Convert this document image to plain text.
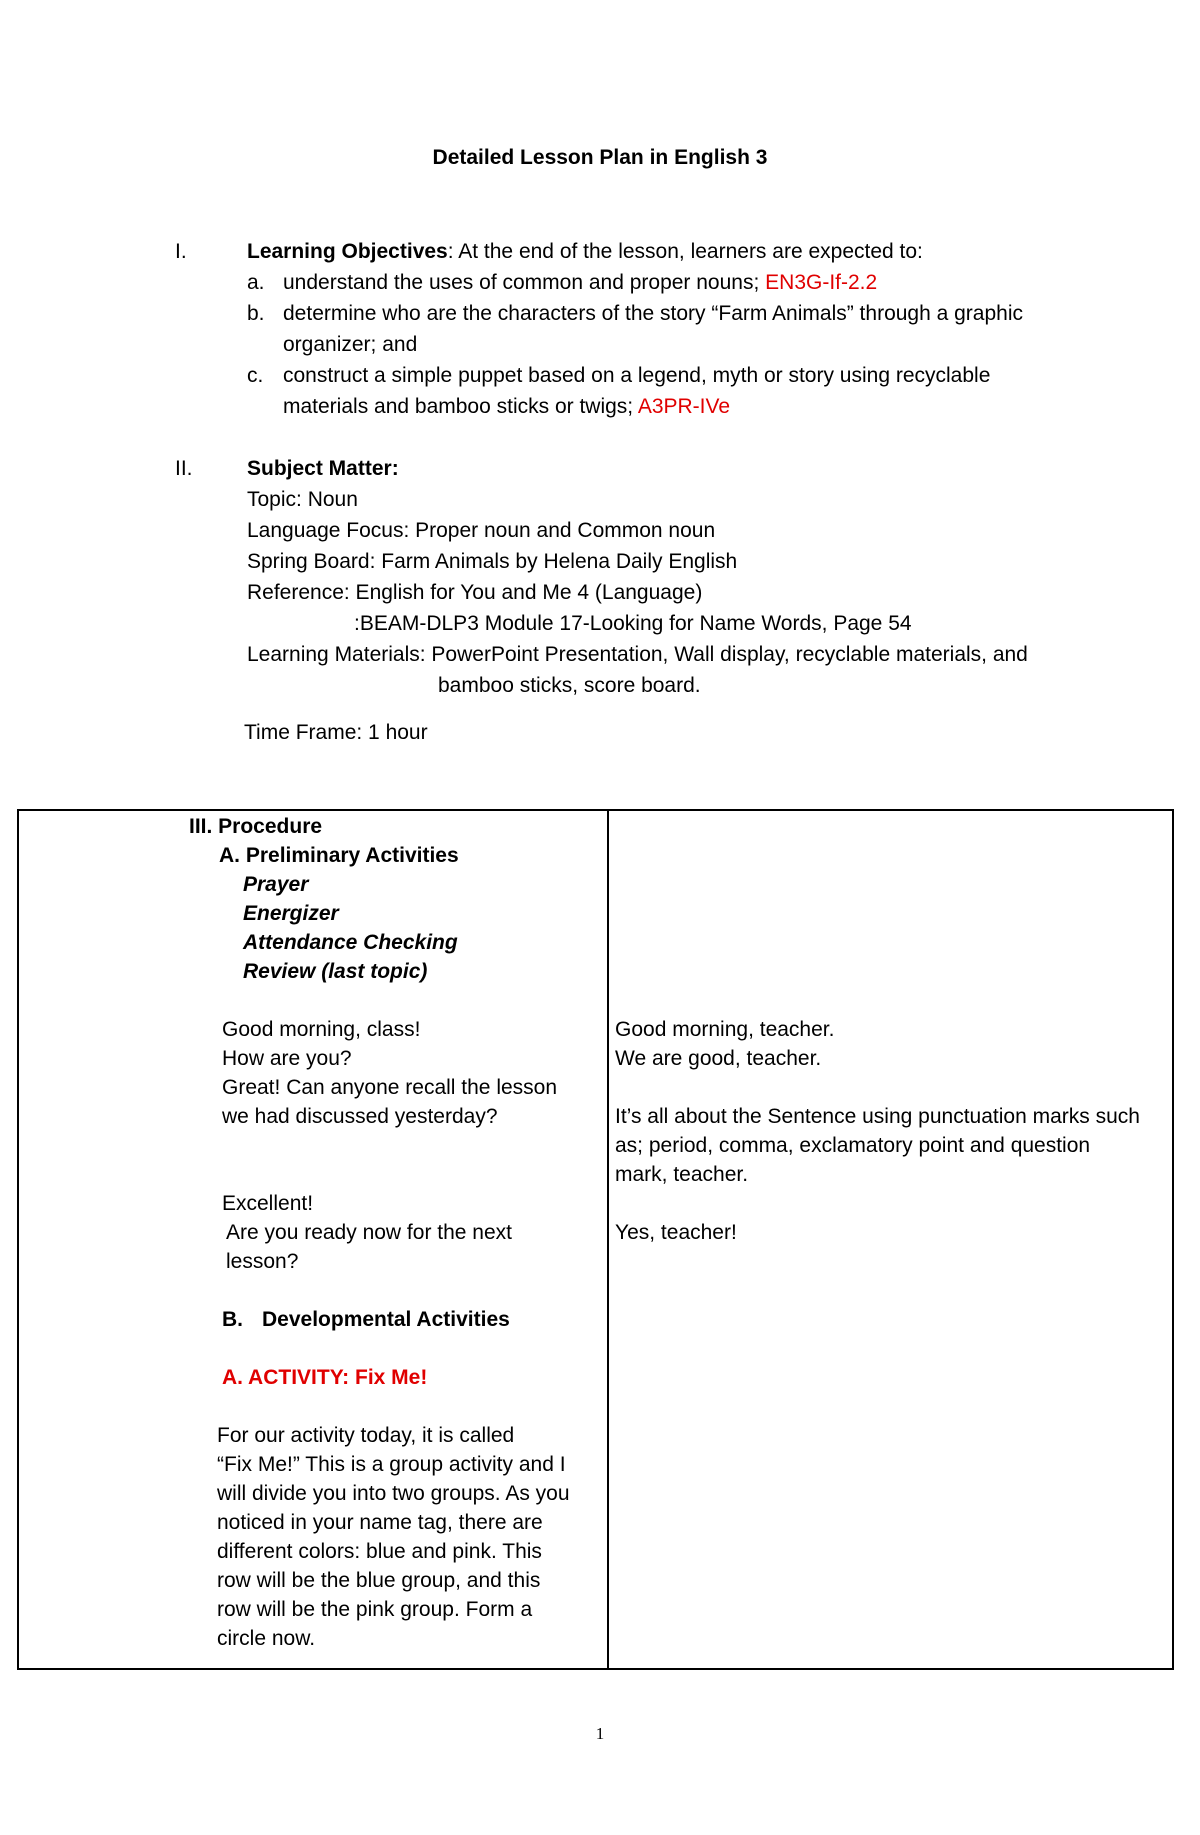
Detailed Lesson Plan in English 3
I.	Learning Objectives: At the end of the lesson, learners are expected to:
a. understand the uses of common and proper nouns; EN3G-If-2.2
b. determine who are the characters of the story “Farm Animals” through a graphic
organizer; and
c. construct a simple puppet based on a legend, myth or story using recyclable
materials and bamboo sticks or twigs; A3PR-IVe
II.	Subject Matter:
Topic: Noun
Language Focus: Proper noun and Common noun
Spring Board: Farm Animals by Helena Daily English
Reference: English for You and Me 4 (Language)
:BEAM-DLP3 Module 17-Looking for Name Words, Page 54
Learning Materials: PowerPoint Presentation, Wall display, recyclable materials, and
bamboo sticks, score board.
Time Frame: 1 hour
III. Procedure
A. Preliminary Activities
Prayer
Energizer
Attendance Checking
Review (last topic)
Good morning, class!
How are you?
Great! Can anyone recall the lesson
we had discussed yesterday?
Excellent!
Are you ready now for the next
lesson?
B. Developmental Activities
A. ACTIVITY: Fix Me!
For our activity today, it is called
“Fix Me!” This is a group activity and I
will divide you into two groups. As you
noticed in your name tag, there are
different colors: blue and pink. This
row will be the blue group, and this
row will be the pink group. Form a
circle now.
Good morning, teacher.
We are good, teacher.
It’s all about the Sentence using punctuation marks such
as; period, comma, exclamatory point and question
mark, teacher.
Yes, teacher!
1
